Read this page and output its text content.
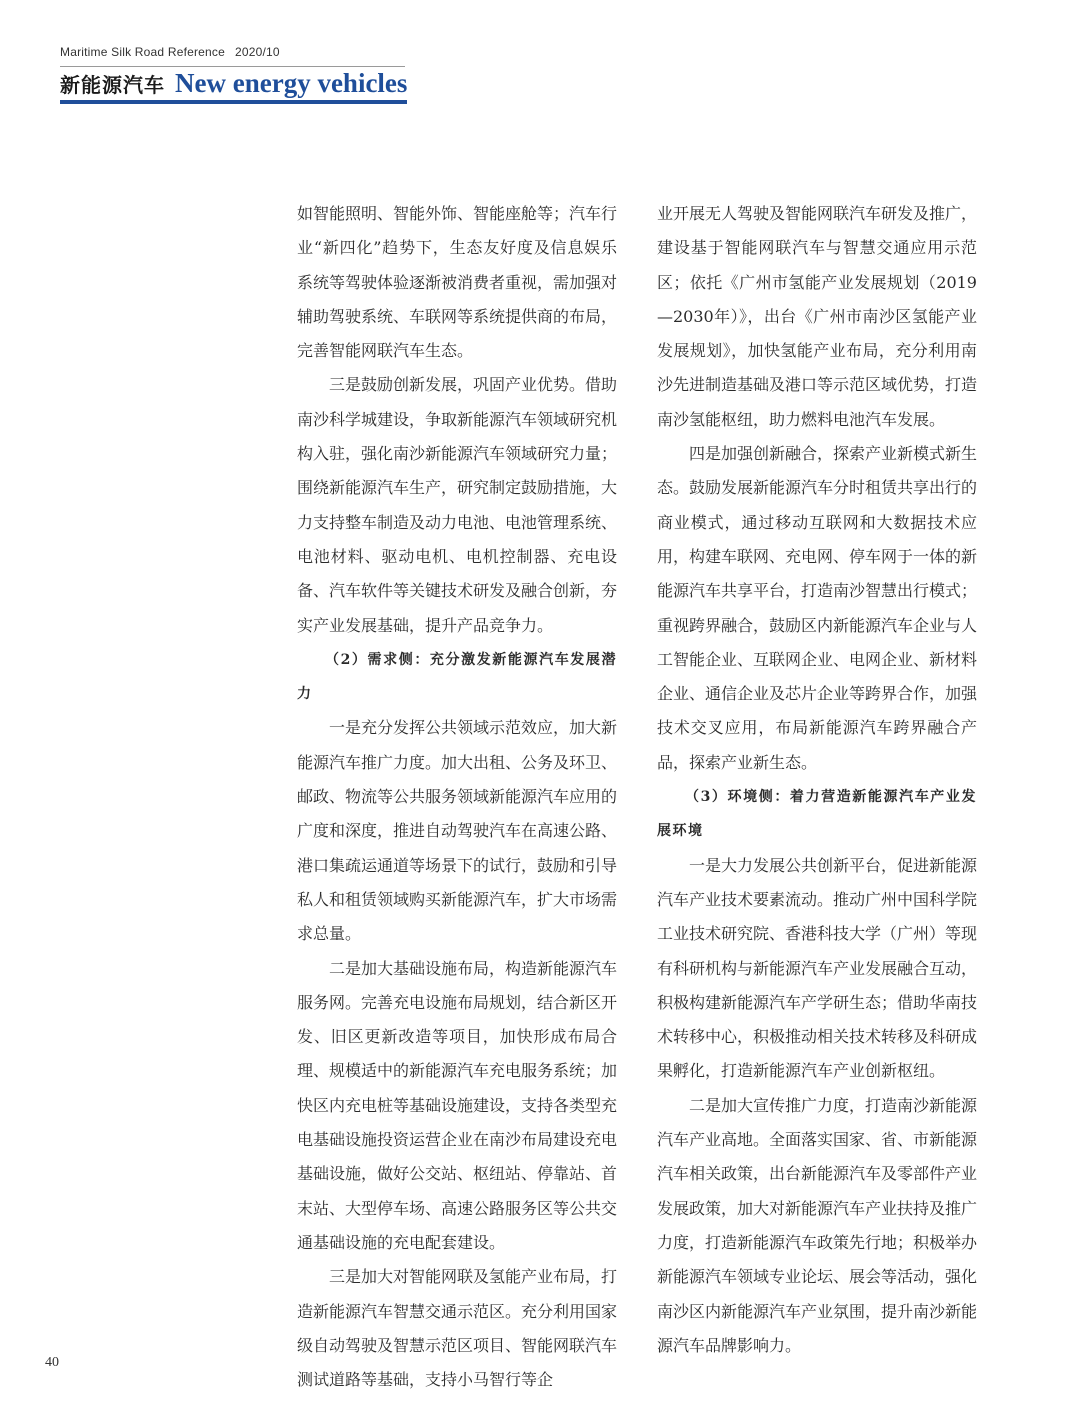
Maritime Silk Road Reference 2020/10
新能源汽车 New energy vehicles

如智能照明、智能外饰、智能座舱等；汽车行业“新四化”趋势下，生态友好度及信息娱乐系统等驾驶体验逐渐被消费者重视，需加强对辅助驾驶系统、车联网等系统提供商的布局，完善智能网联汽车生态。

三是鼓励创新发展，巩固产业优势。借助南沙科学城建设，争取新能源汽车领域研究机构入驻，强化南沙新能源汽车领域研究力量；围绕新能源汽车生产，研究制定鼓励措施，大力支持整车制造及动力电池、电池管理系统、电池材料、驱动电机、电机控制器、充电设备、汽车软件等关键技术研发及融合创新，夯实产业发展基础，提升产品竞争力。

（2）需求侧：充分激发新能源汽车发展潜力

一是充分发挥公共领域示范效应，加大新能源汽车推广力度。加大出租、公务及环卫、邮政、物流等公共服务领域新能源汽车应用的广度和深度，推进自动驾驶汽车在高速公路、港口集疏运通道等场景下的试行，鼓励和引导私人和租赁领域购买新能源汽车，扩大市场需求总量。

二是加大基础设施布局，构造新能源汽车服务网。完善充电设施布局规划，结合新区开发、旧区更新改造等项目，加快形成布局合理、规模适中的新能源汽车充电服务系统；加快区内充电桩等基础设施建设，支持各类型充电基础设施投资运营企业在南沙布局建设充电基础设施，做好公交站、枢纽站、停靠站、首末站、大型停车场、高速公路服务区等公共交通基础设施的充电配套建设。

三是加大对智能网联及氢能产业布局，打造新能源汽车智慧交通示范区。充分利用国家级自动驾驶及智慧示范区项目、智能网联汽车测试道路等基础，支持小马智行等企

业开展无人驾驶及智能网联汽车研发及推广，建设基于智能网联汽车与智慧交通应用示范区；依托《广州市氢能产业发展规划（2019—2030年）》，出台《广州市南沙区氢能产业发展规划》，加快氢能产业布局，充分利用南沙先进制造基础及港口等示范区域优势，打造南沙氢能枢纽，助力燃料电池汽车发展。

四是加强创新融合，探索产业新模式新生态。鼓励发展新能源汽车分时租赁共享出行的商业模式，通过移动互联网和大数据技术应用，构建车联网、充电网、停车网于一体的新能源汽车共享平台，打造南沙智慧出行模式；重视跨界融合，鼓励区内新能源汽车企业与人工智能企业、互联网企业、电网企业、新材料企业、通信企业及芯片企业等跨界合作，加强技术交叉应用，布局新能源汽车跨界融合产品，探索产业新生态。

（3）环境侧：着力营造新能源汽车产业发展环境

一是大力发展公共创新平台，促进新能源汽车产业技术要素流动。推动广州中国科学院工业技术研究院、香港科技大学（广州）等现有科研机构与新能源汽车产业发展融合互动，积极构建新能源汽车产学研生态；借助华南技术转移中心，积极推动相关技术转移及科研成果孵化，打造新能源汽车产业创新枢纽。

二是加大宣传推广力度，打造南沙新能源汽车产业高地。全面落实国家、省、市新能源汽车相关政策，出台新能源汽车及零部件产业发展政策，加大对新能源汽车产业扶持及推广力度，打造新能源汽车政策先行地；积极举办新能源汽车领域专业论坛、展会等活动，强化南沙区内新能源汽车产业氛围，提升南沙新能源汽车品牌影响力。

40
